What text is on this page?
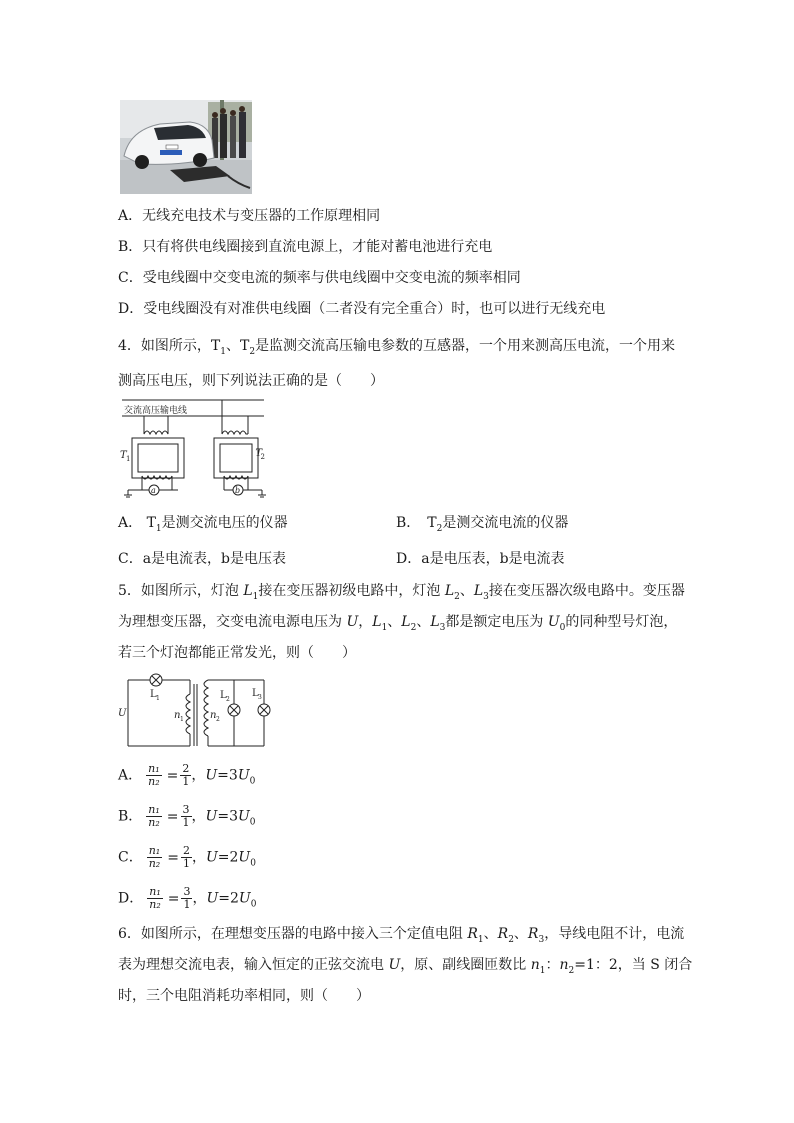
A．无线充电技术与变压器的工作原理相同
B．只有将供电线圈接到直流电源上，才能对蓄电池进行充电
C．受电线圈中交变电流的频率与供电线圈中交变电流的频率相同
D．受电线圈没有对准供电线圈（二者没有完全重合）时，也可以进行无线充电
4．如图所示，$T_1$、$T_2$是监测交流高压输电参数的互感器，一个用来测高压电流，一个用来
测高压电压，则下列说法正确的是（　　）
交流高压输电线
a
T 1
b
T
2
A． $T_1$是测交流电压的仪器	B．　 $T_2$是测交流电流的仪器
C．a是电流表，b是电压表	D．a是电压表，b是电流表
5．如图所示，灯泡 $L_1$接在变压器初级电路中，灯泡 $L_2$、$L_3$接在变压器次级电路中。变压器
为理想变压器，交变电流电源电压为 U，$L_1$、$L_2$、$L_3$都是额定电压为 $U_0$的同种型号灯泡，
若三个灯泡都能正常发光，则（　　）
U
L 1
n 1	n 2
L 2
L 3
A． $\frac{\text{n₁}}{\text{n₂}} = \frac{2}{1}$ ，$U=3U_0$
B． $\frac{\text{n₁}}{\text{n₂}} = \frac{3}{1}$ ，$U=3U_0$
C． $\frac{\text{n₁}}{\text{n₂}} = \frac{2}{1}$ ，$U=2U_0$
D． $\frac{\text{n₁}}{\text{n₂}} = \frac{3}{1}$ ，$U=2U_0$
6．如图所示，在理想变压器的电路中接入三个定值电阻 $R_1$、$R_2$、$R_3$，导线电阻不计，电流
表为理想交流电表，输入恒定的正弦交流电 U，原、副线圈匝数比 $n_1$：$n_2=1$：2，当 S 闭合
时，三个电阻消耗功率相同，则（　　）
